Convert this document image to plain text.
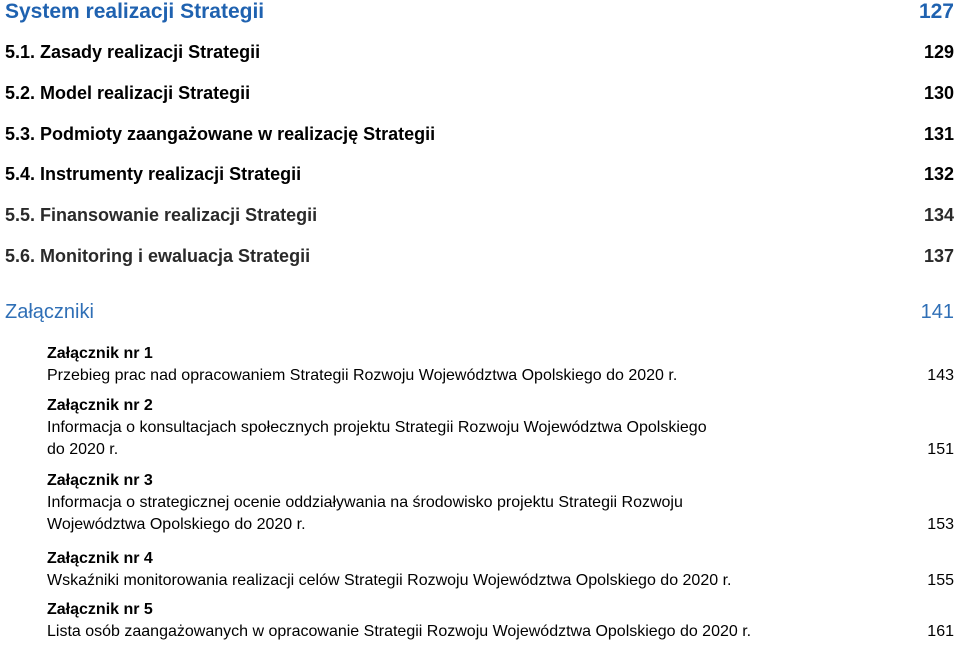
System realizacji Strategii	127
5.1. Zasady realizacji Strategii	129
5.2. Model realizacji Strategii	130
5.3. Podmioty zaangażowane w realizację Strategii	131
5.4. Instrumenty realizacji Strategii	132
5.5. Finansowanie realizacji Strategii	134
5.6. Monitoring i ewaluacja Strategii	137
Załączniki	141
Załącznik nr 1
Przebieg prac nad opracowaniem Strategii Rozwoju Województwa Opolskiego do 2020 r.	143
Załącznik nr 2
Informacja o konsultacjach społecznych projektu Strategii Rozwoju Województwa Opolskiego
do 2020 r.	151
Załącznik nr 3
Informacja o strategicznej ocenie oddziaływania na środowisko projektu Strategii Rozwoju
Województwa Opolskiego do 2020 r.	153
Załącznik nr 4
Wskaźniki monitorowania realizacji celów Strategii Rozwoju Województwa Opolskiego do 2020 r.	155
Załącznik nr 5
Lista osób zaangażowanych w opracowanie Strategii Rozwoju Województwa Opolskiego do 2020 r.	161
